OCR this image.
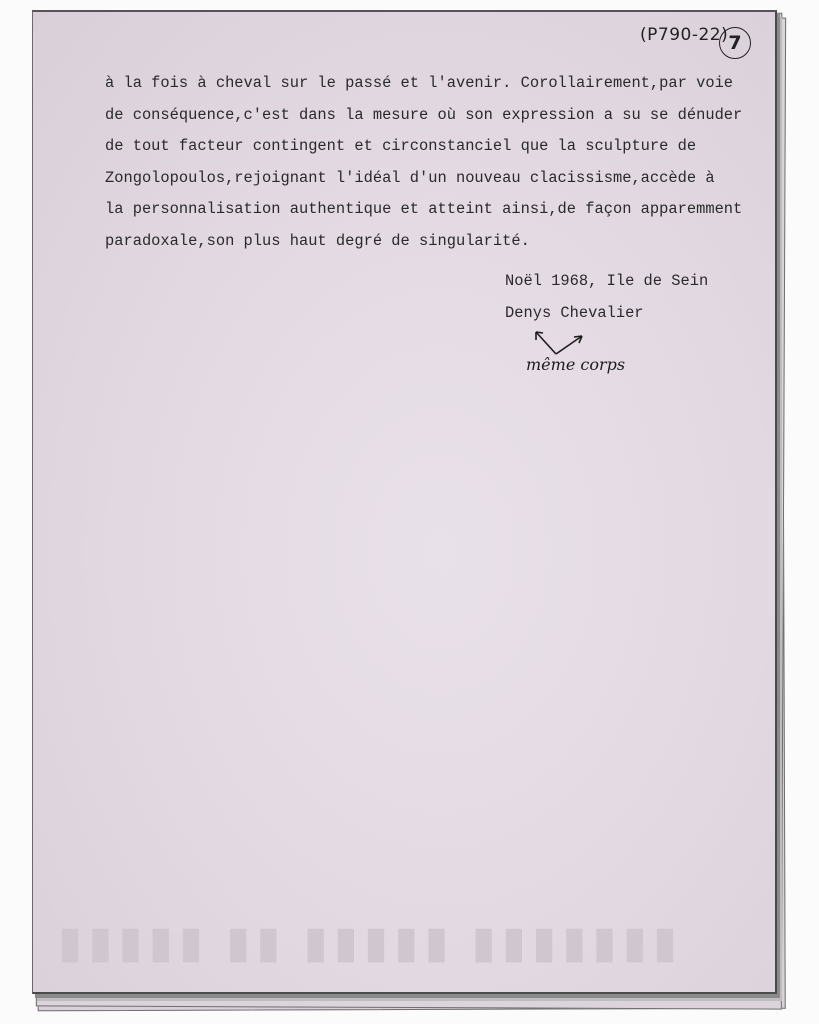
▮▮▮▮▮ ▮▮ ▮▮▮▮▮ ▮▮▮▮▮▮▮
(P790-22) 7

à la fois à cheval sur le passé et l'avenir. Corollairement,par voie

de conséquence,c'est dans la mesure où son expression a su se dénuder

de tout facteur contingent et circonstanciel que la sculpture de

Zongolopoulos,rejoignant l'idéal d'un nouveau clacissisme,accède à

la personnalisation authentique et atteint ainsi,de façon apparemment

paradoxale,son plus haut degré de singularité.

Noël 1968, Ile de Sein

Denys Chevalier

même corps
